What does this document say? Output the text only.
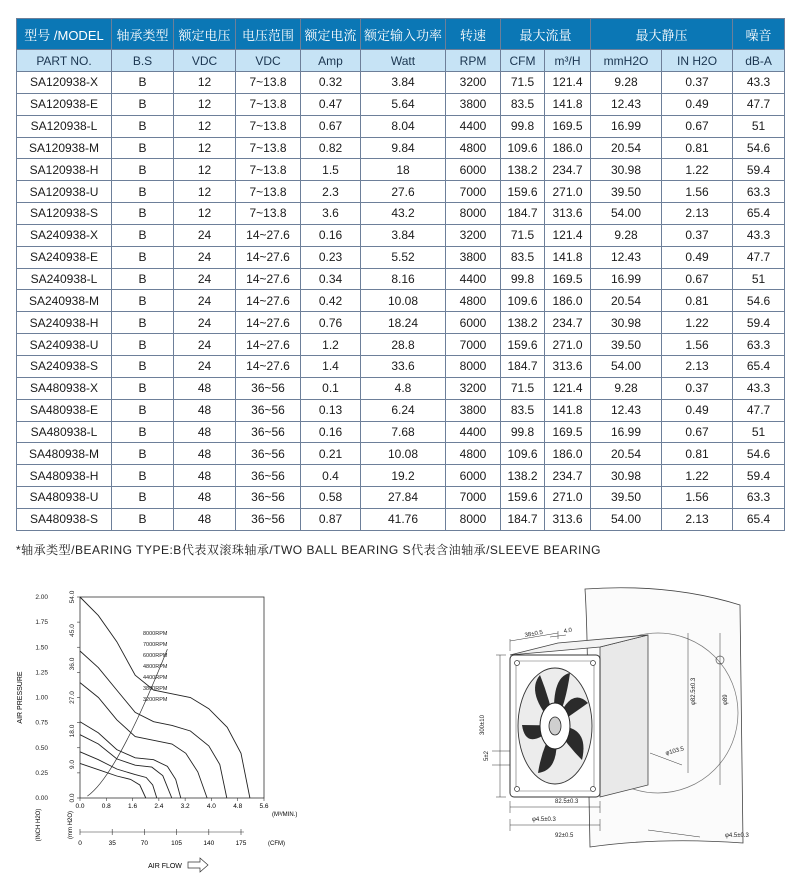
型号 /MODEL	轴承类型	额定电压	电压范围	额定电流	额定输入功率	转速	最大流量		最大静压		噪音
PART NO.	B.S	VDC	VDC	Amp	Watt	RPM	CFM	m³/H	mmH2O	IN H2O	dB-A
SA120938-X	B	12	7~13.8	0.32	3.84	3200	71.5	121.4	9.28	0.37	43.3
SA120938-E	B	12	7~13.8	0.47	5.64	3800	83.5	141.8	12.43	0.49	47.7
SA120938-L	B	12	7~13.8	0.67	8.04	4400	99.8	169.5	16.99	0.67	51
SA120938-M	B	12	7~13.8	0.82	9.84	4800	109.6	186.0	20.54	0.81	54.6
SA120938-H	B	12	7~13.8	1.5	18	6000	138.2	234.7	30.98	1.22	59.4
SA120938-U	B	12	7~13.8	2.3	27.6	7000	159.6	271.0	39.50	1.56	63.3
SA120938-S	B	12	7~13.8	3.6	43.2	8000	184.7	313.6	54.00	2.13	65.4
SA240938-X	B	24	14~27.6	0.16	3.84	3200	71.5	121.4	9.28	0.37	43.3
SA240938-E	B	24	14~27.6	0.23	5.52	3800	83.5	141.8	12.43	0.49	47.7
SA240938-L	B	24	14~27.6	0.34	8.16	4400	99.8	169.5	16.99	0.67	51
SA240938-M	B	24	14~27.6	0.42	10.08	4800	109.6	186.0	20.54	0.81	54.6
SA240938-H	B	24	14~27.6	0.76	18.24	6000	138.2	234.7	30.98	1.22	59.4
SA240938-U	B	24	14~27.6	1.2	28.8	7000	159.6	271.0	39.50	1.56	63.3
SA240938-S	B	24	14~27.6	1.4	33.6	8000	184.7	313.6	54.00	2.13	65.4
SA480938-X	B	48	36~56	0.1	4.8	3200	71.5	121.4	9.28	0.37	43.3
SA480938-E	B	48	36~56	0.13	6.24	3800	83.5	141.8	12.43	0.49	47.7
SA480938-L	B	48	36~56	0.16	7.68	4400	99.8	169.5	16.99	0.67	51
SA480938-M	B	48	36~56	0.21	10.08	4800	109.6	186.0	20.54	0.81	54.6
SA480938-H	B	48	36~56	0.4	19.2	6000	138.2	234.7	30.98	1.22	59.4
SA480938-U	B	48	36~56	0.58	27.84	7000	159.6	271.0	39.50	1.56	63.3
SA480938-S	B	48	36~56	0.87	41.76	8000	184.7	313.6	54.00	2.13	65.4
*轴承类型/BEARING TYPE:B代表双滚珠轴承/TWO BALL BEARING S代表含油轴承/SLEEVE BEARING
0.00
0.25
0.50
0.75
1.00
1.25
1.50
1.75
2.00
0.0
9.0
18.0
27.0
36.0
45.0
54.0
AIR PRESSURE
(INCH H2O)	(mm H2O)
0.0	0.8	1.6	2.4	3.2	4.0	4.8	5.6
(M³/MIN.)
0	35	70	105	140	175	(CFM)
AIR FLOW
8000RPM
7000RPM
6000RPM
4800RPM
4400RPM
3800RPM
3200RPM
38±0.5	4.0
5±2
300±10
φ103.5
φ82.5±0.3	φ89
82.5±0.3
φ4.5±0.3
92±0.5	φ4.5±0.3
